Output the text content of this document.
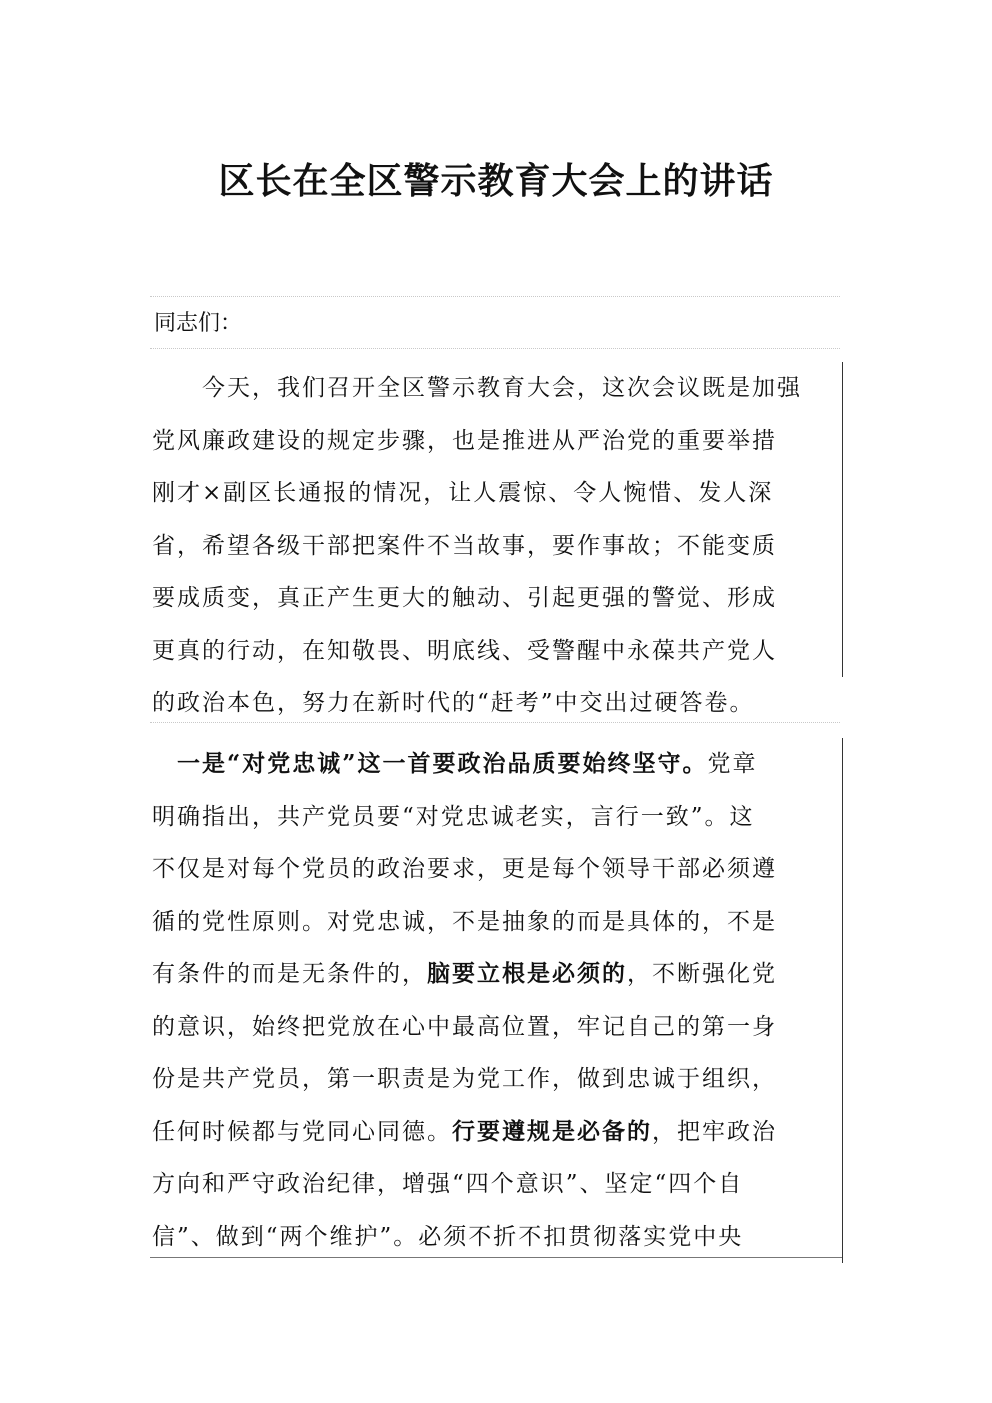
区长在全区警示教育大会上的讲话
同志们：

　　今天，我们召开全区警示教育大会，这次会议既是加强
党风廉政建设的规定步骤，也是推进从严治党的重要举措
刚才×副区长通报的情况，让人震惊、令人惋惜、发人深
省，希望各级干部把案件不当故事，要作事故；不能变质
要成质变，真正产生更大的触动、引起更强的警觉、形成
更真的行动，在知敬畏、明底线、受警醒中永葆共产党人
的政治本色，努力在新时代的“赶考”中交出过硬答卷。

　一是“对党忠诚”这一首要政治品质要始终坚守。党章
明确指出，共产党员要“对党忠诚老实，言行一致”。这
不仅是对每个党员的政治要求，更是每个领导干部必须遵
循的党性原则。对党忠诚，不是抽象的而是具体的，不是
有条件的而是无条件的，脑要立根是必须的，不断强化党
的意识，始终把党放在心中最高位置，牢记自己的第一身
份是共产党员，第一职责是为党工作，做到忠诚于组织，
任何时候都与党同心同德。行要遵规是必备的，把牢政治
方向和严守政治纪律，增强“四个意识”、坚定“四个自
信”、做到“两个维护”。必须不折不扣贯彻落实党中央
